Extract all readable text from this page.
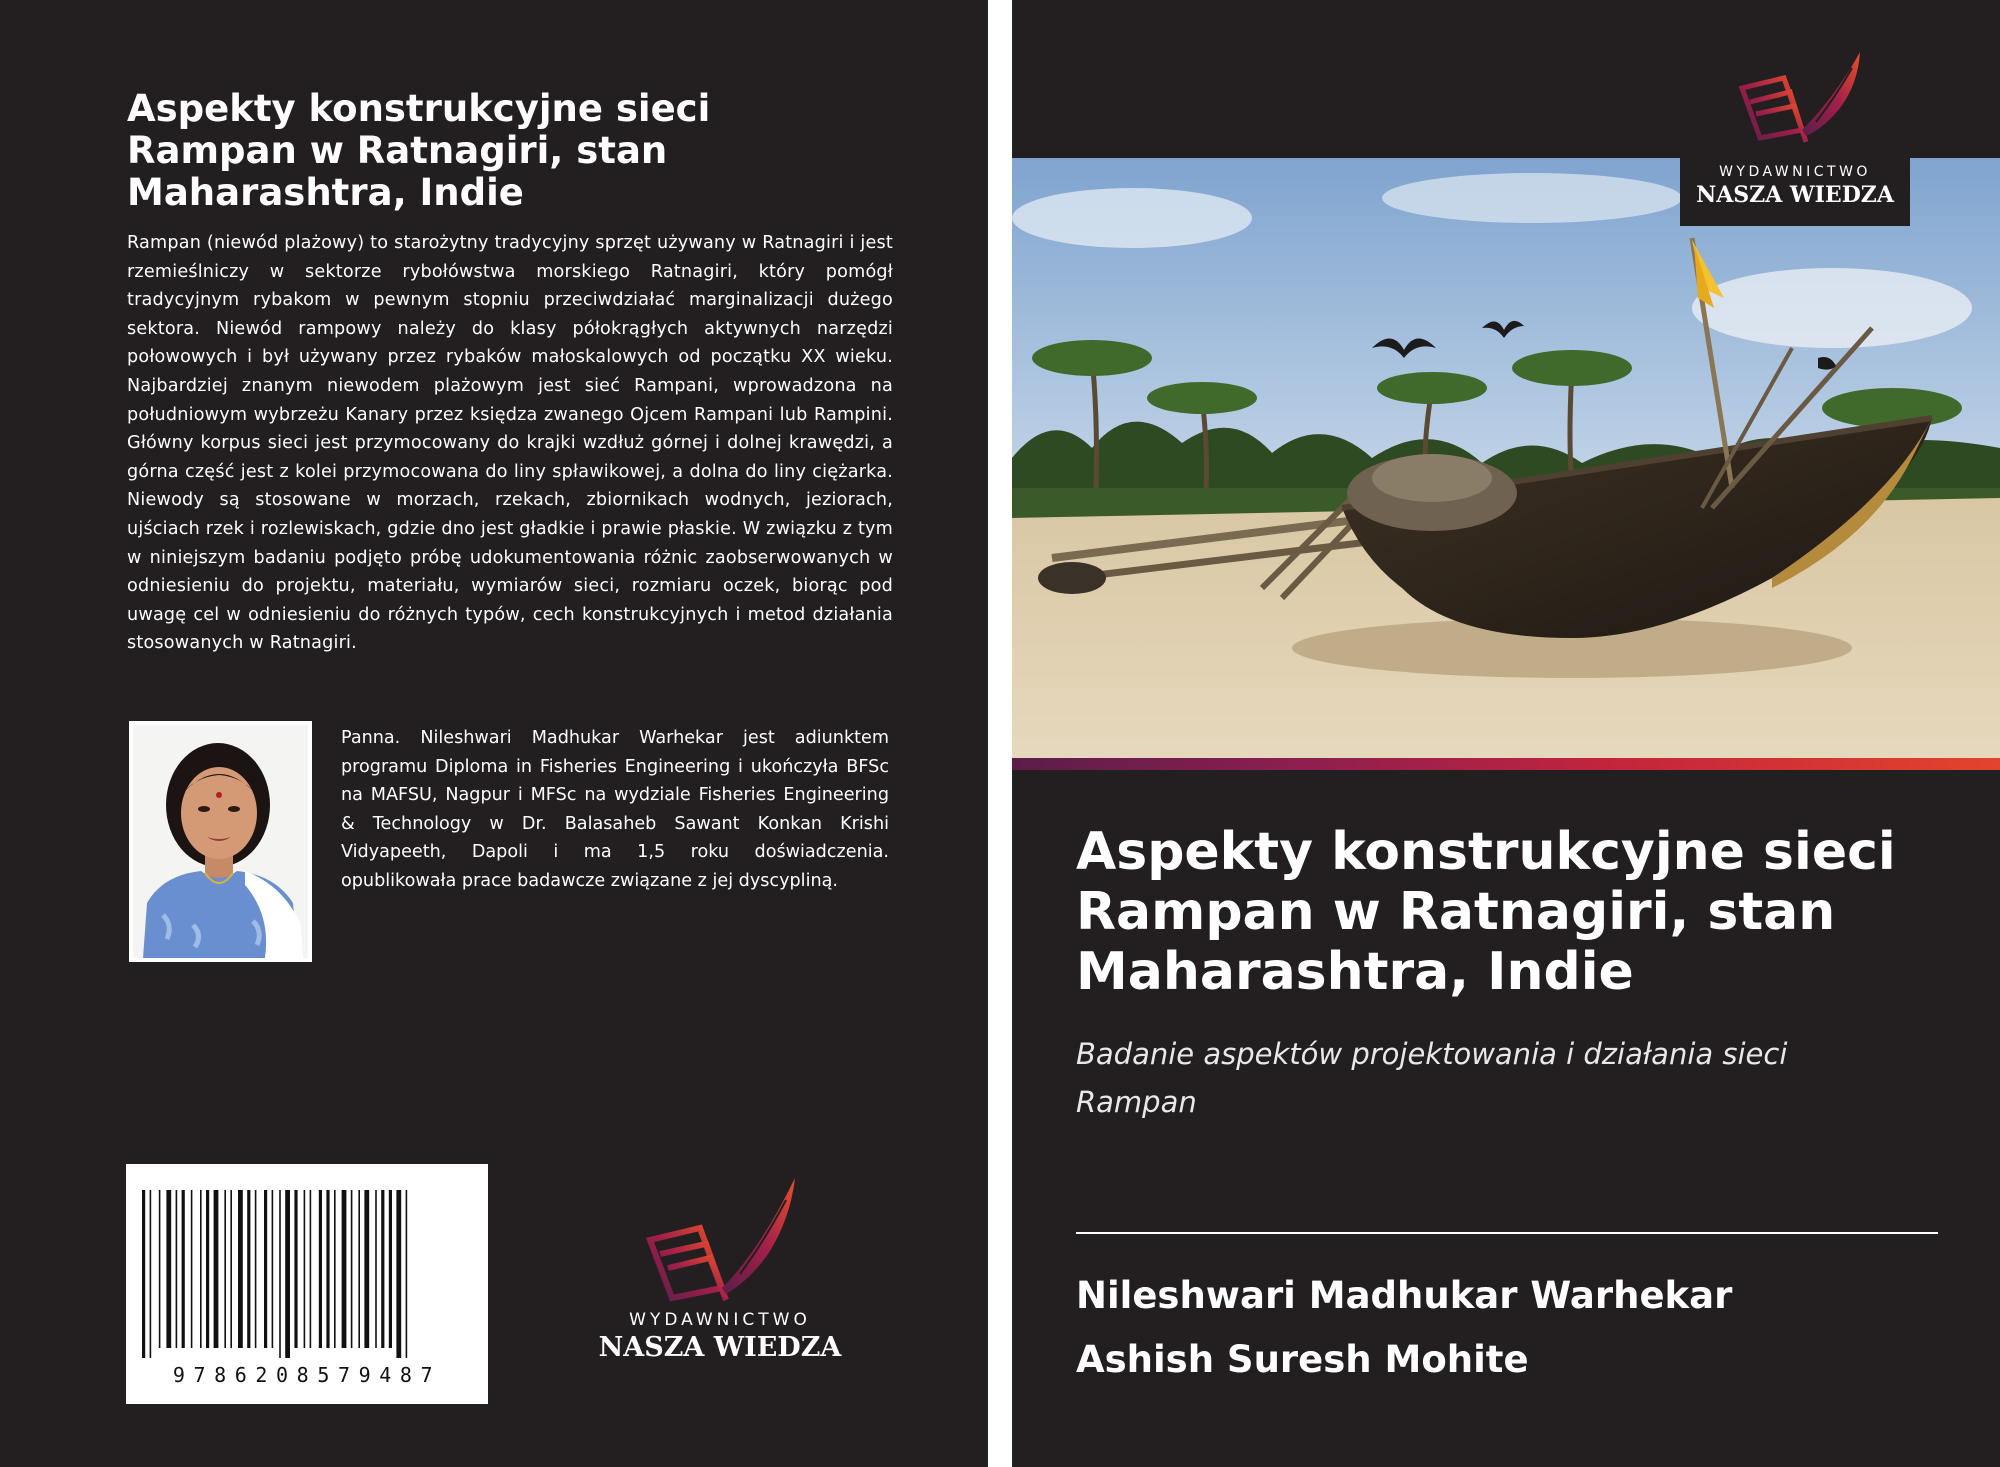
Aspekty konstrukcyjne sieci Rampan w Ratnagiri, stan Maharashtra, Indie

Rampan (niewód plażowy) to starożytny tradycyjny sprzęt używany w Ratnagiri i jest rzemieślniczy w sektorze rybołówstwa morskiego Ratnagiri, który pomógł tradycyjnym rybakom w pewnym stopniu przeciwdziałać marginalizacji dużego sektora. Niewód rampowy należy do klasy półokrągłych aktywnych narzędzi połowowych i był używany przez rybaków małoskalowych od początku XX wieku. Najbardziej znanym niewodem plażowym jest sieć Rampani, wprowadzona na południowym wybrzeżu Kanary przez księdza zwanego Ojcem Rampani lub Rampini. Główny korpus sieci jest przymocowany do krajki wzdłuż górnej i dolnej krawędzi, a górna część jest z kolei przymocowana do liny spławikowej, a dolna do liny ciężarka. Niewody są stosowane w morzach, rzekach, zbiornikach wodnych, jeziorach, ujściach rzek i rozlewiskach, gdzie dno jest gładkie i prawie płaskie. W związku z tym w niniejszym badaniu podjęto próbę udokumentowania różnic zaobserwowanych w odniesieniu do projektu, materiału, wymiarów sieci, rozmiaru oczek, biorąc pod uwagę cel w odniesieniu do różnych typów, cech konstrukcyjnych i metod działania stosowanych w Ratnagiri.

Panna. Nileshwari Madhukar Warhekar jest adiunktem programu Diploma in Fisheries Engineering i ukończyła BFSc na MAFSU, Nagpur i MFSc na wydziale Fisheries Engineering & Technology w Dr. Balasaheb Sawant Konkan Krishi Vidyapeeth, Dapoli i ma 1,5 roku doświadczenia. opublikowała prace badawcze związane z jej dyscypliną.

9786208579487
WYDAWNICTWO
NASZA WIEDZA
WYDAWNICTWO
NASZA WIEDZA
Aspekty konstrukcyjne sieci Rampan w Ratnagiri, stan Maharashtra, Indie

Badanie aspektów projektowania i działania sieci Rampan

Nileshwari Madhukar Warhekar
Ashish Suresh Mohite
